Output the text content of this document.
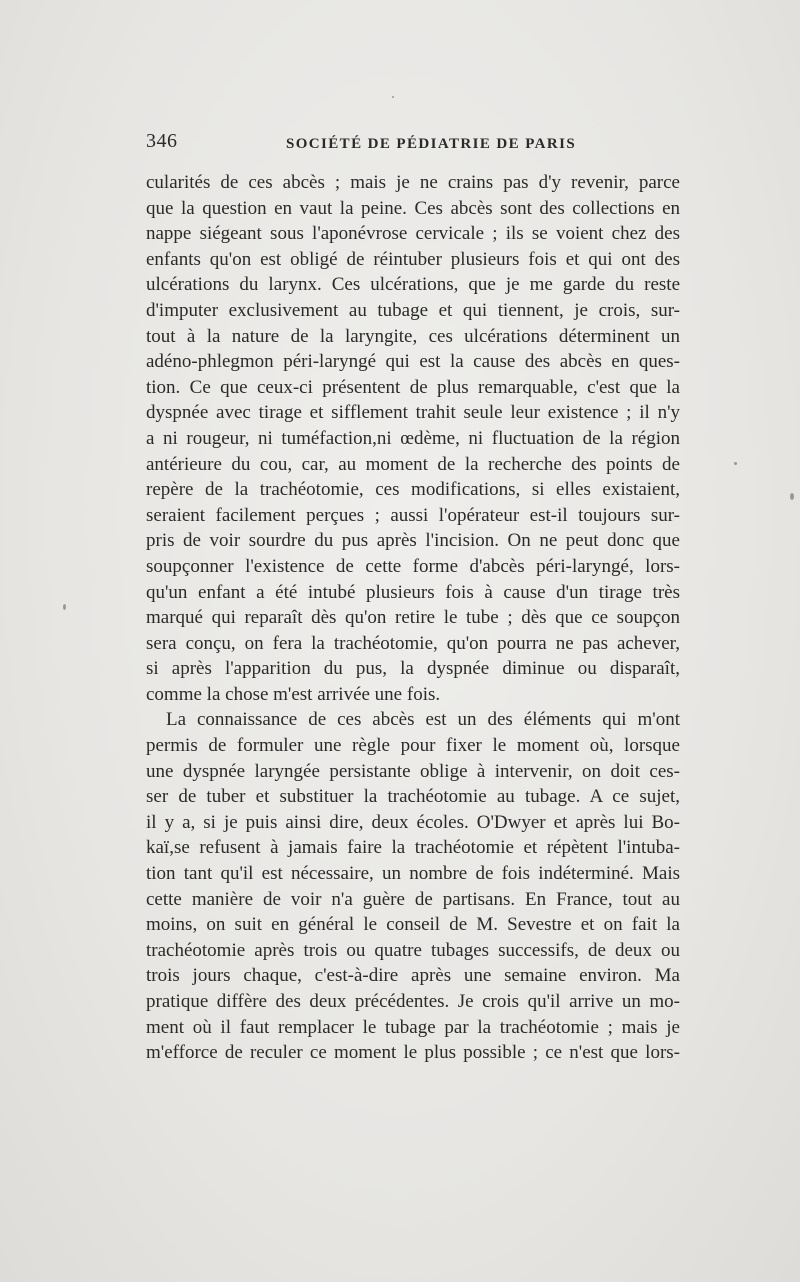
346	SOCIÉTÉ DE PÉDIATRIE DE PARIS

cularités de ces abcès ; mais je ne crains pas d'y revenir, parce
que la question en vaut la peine. Ces abcès sont des collections en
nappe siégeant sous l'aponévrose cervicale ; ils se voient chez des
enfants qu'on est obligé de réintuber plusieurs fois et qui ont des
ulcérations du larynx. Ces ulcérations, que je me garde du reste
d'imputer exclusivement au tubage et qui tiennent, je crois, sur-
tout à la nature de la laryngite, ces ulcérations déterminent un
adéno-phlegmon péri-laryngé qui est la cause des abcès en ques-
tion. Ce que ceux-ci présentent de plus remarquable, c'est que la
dyspnée avec tirage et sifflement trahit seule leur existence ; il n'y
a ni rougeur, ni tuméfaction,ni œdème, ni fluctuation de la région
antérieure du cou, car, au moment de la recherche des points de
repère de la trachéotomie, ces modifications, si elles existaient,
seraient facilement perçues ; aussi l'opérateur est-il toujours sur-
pris de voir sourdre du pus après l'incision. On ne peut donc que
soupçonner l'existence de cette forme d'abcès péri-laryngé, lors-
qu'un enfant a été intubé plusieurs fois à cause d'un tirage très
marqué qui reparaît dès qu'on retire le tube ; dès que ce soupçon
sera conçu, on fera la trachéotomie, qu'on pourra ne pas achever,
si après l'apparition du pus, la dyspnée diminue ou disparaît,
comme la chose m'est arrivée une fois.

La connaissance de ces abcès est un des éléments qui m'ont
permis de formuler une règle pour fixer le moment où, lorsque
une dyspnée laryngée persistante oblige à intervenir, on doit ces-
ser de tuber et substituer la trachéotomie au tubage. A ce sujet,
il y a, si je puis ainsi dire, deux écoles. O'Dwyer et après lui Bo-
kaï,se refusent à jamais faire la trachéotomie et répètent l'intuba-
tion tant qu'il est nécessaire, un nombre de fois indéterminé. Mais
cette manière de voir n'a guère de partisans. En France, tout au
moins, on suit en général le conseil de M. Sevestre et on fait la
trachéotomie après trois ou quatre tubages successifs, de deux ou
trois jours chaque, c'est-à-dire après une semaine environ. Ma
pratique diffère des deux précédentes. Je crois qu'il arrive un mo-
ment où il faut remplacer le tubage par la trachéotomie ; mais je
m'efforce de reculer ce moment le plus possible ; ce n'est que lors-
